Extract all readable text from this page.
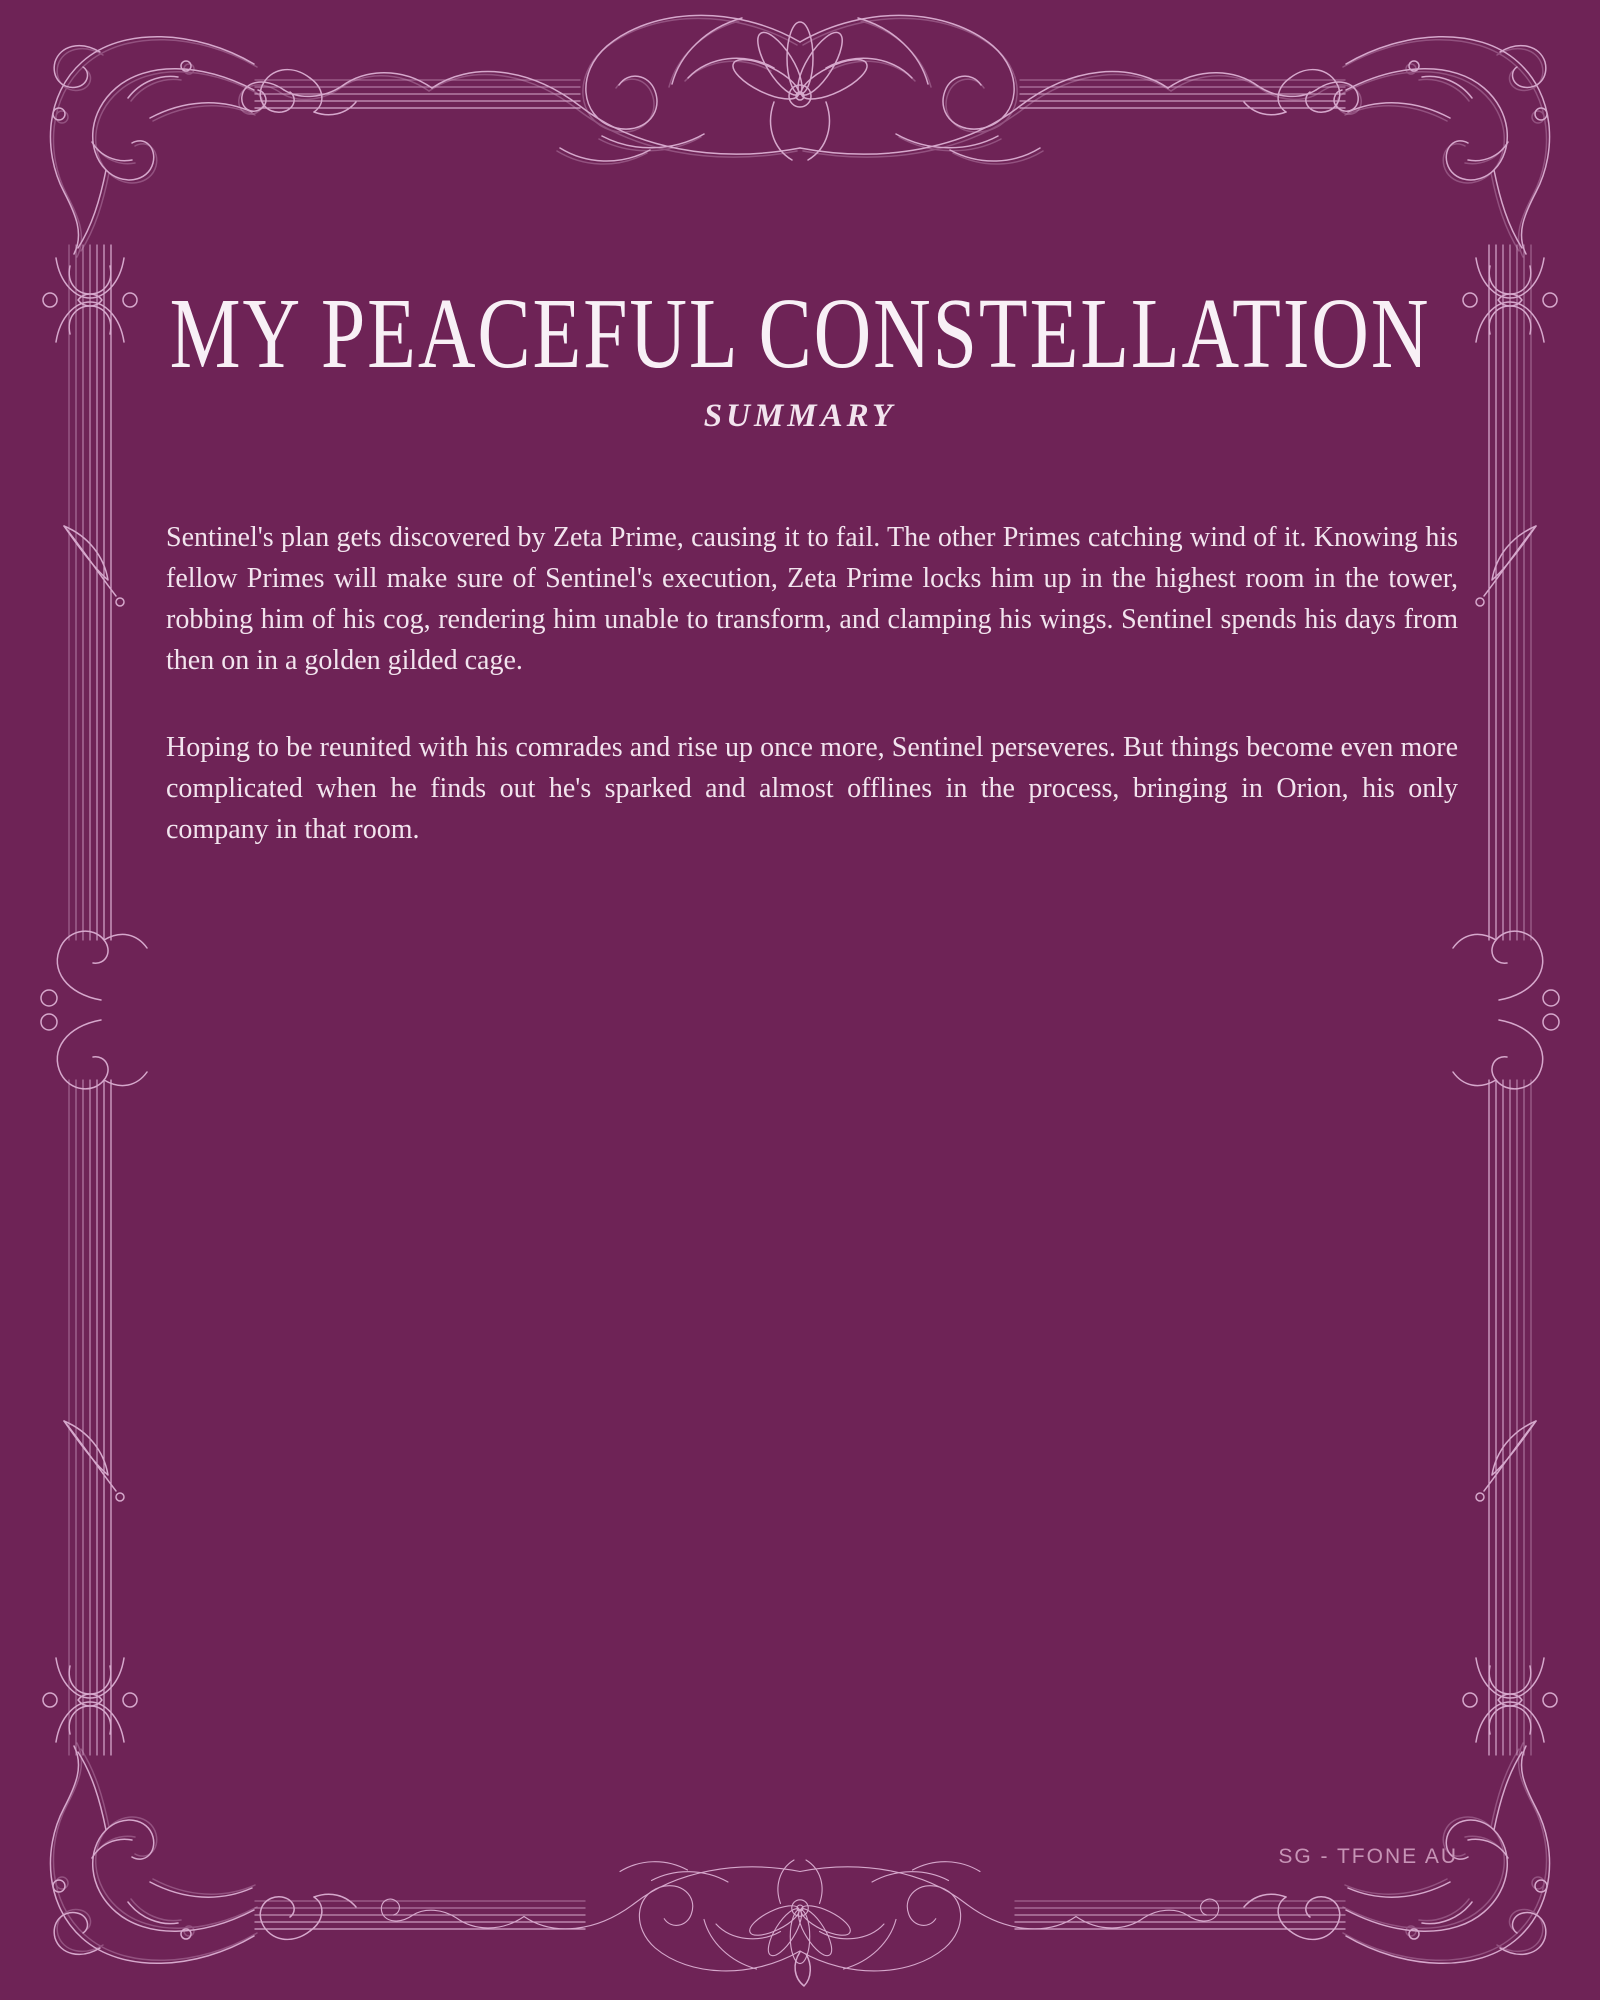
MY PEACEFUL CONSTELLATION
SUMMARY

Sentinel's plan gets discovered by Zeta Prime, causing it to fail. The other Primes catching wind of it. Knowing his fellow Primes will make sure of Sentinel's execution, Zeta Prime locks him up in the highest room in the tower, robbing him of his cog, rendering him unable to transform, and clamping his wings. Sentinel spends his days from then on in a golden gilded cage.

Hoping to be reunited with his comrades and rise up once more, Sentinel perseveres. But things become even more complicated when he finds out he's sparked and almost offlines in the process, bringing in Orion, his only company in that room.

SG - TFONE AU
